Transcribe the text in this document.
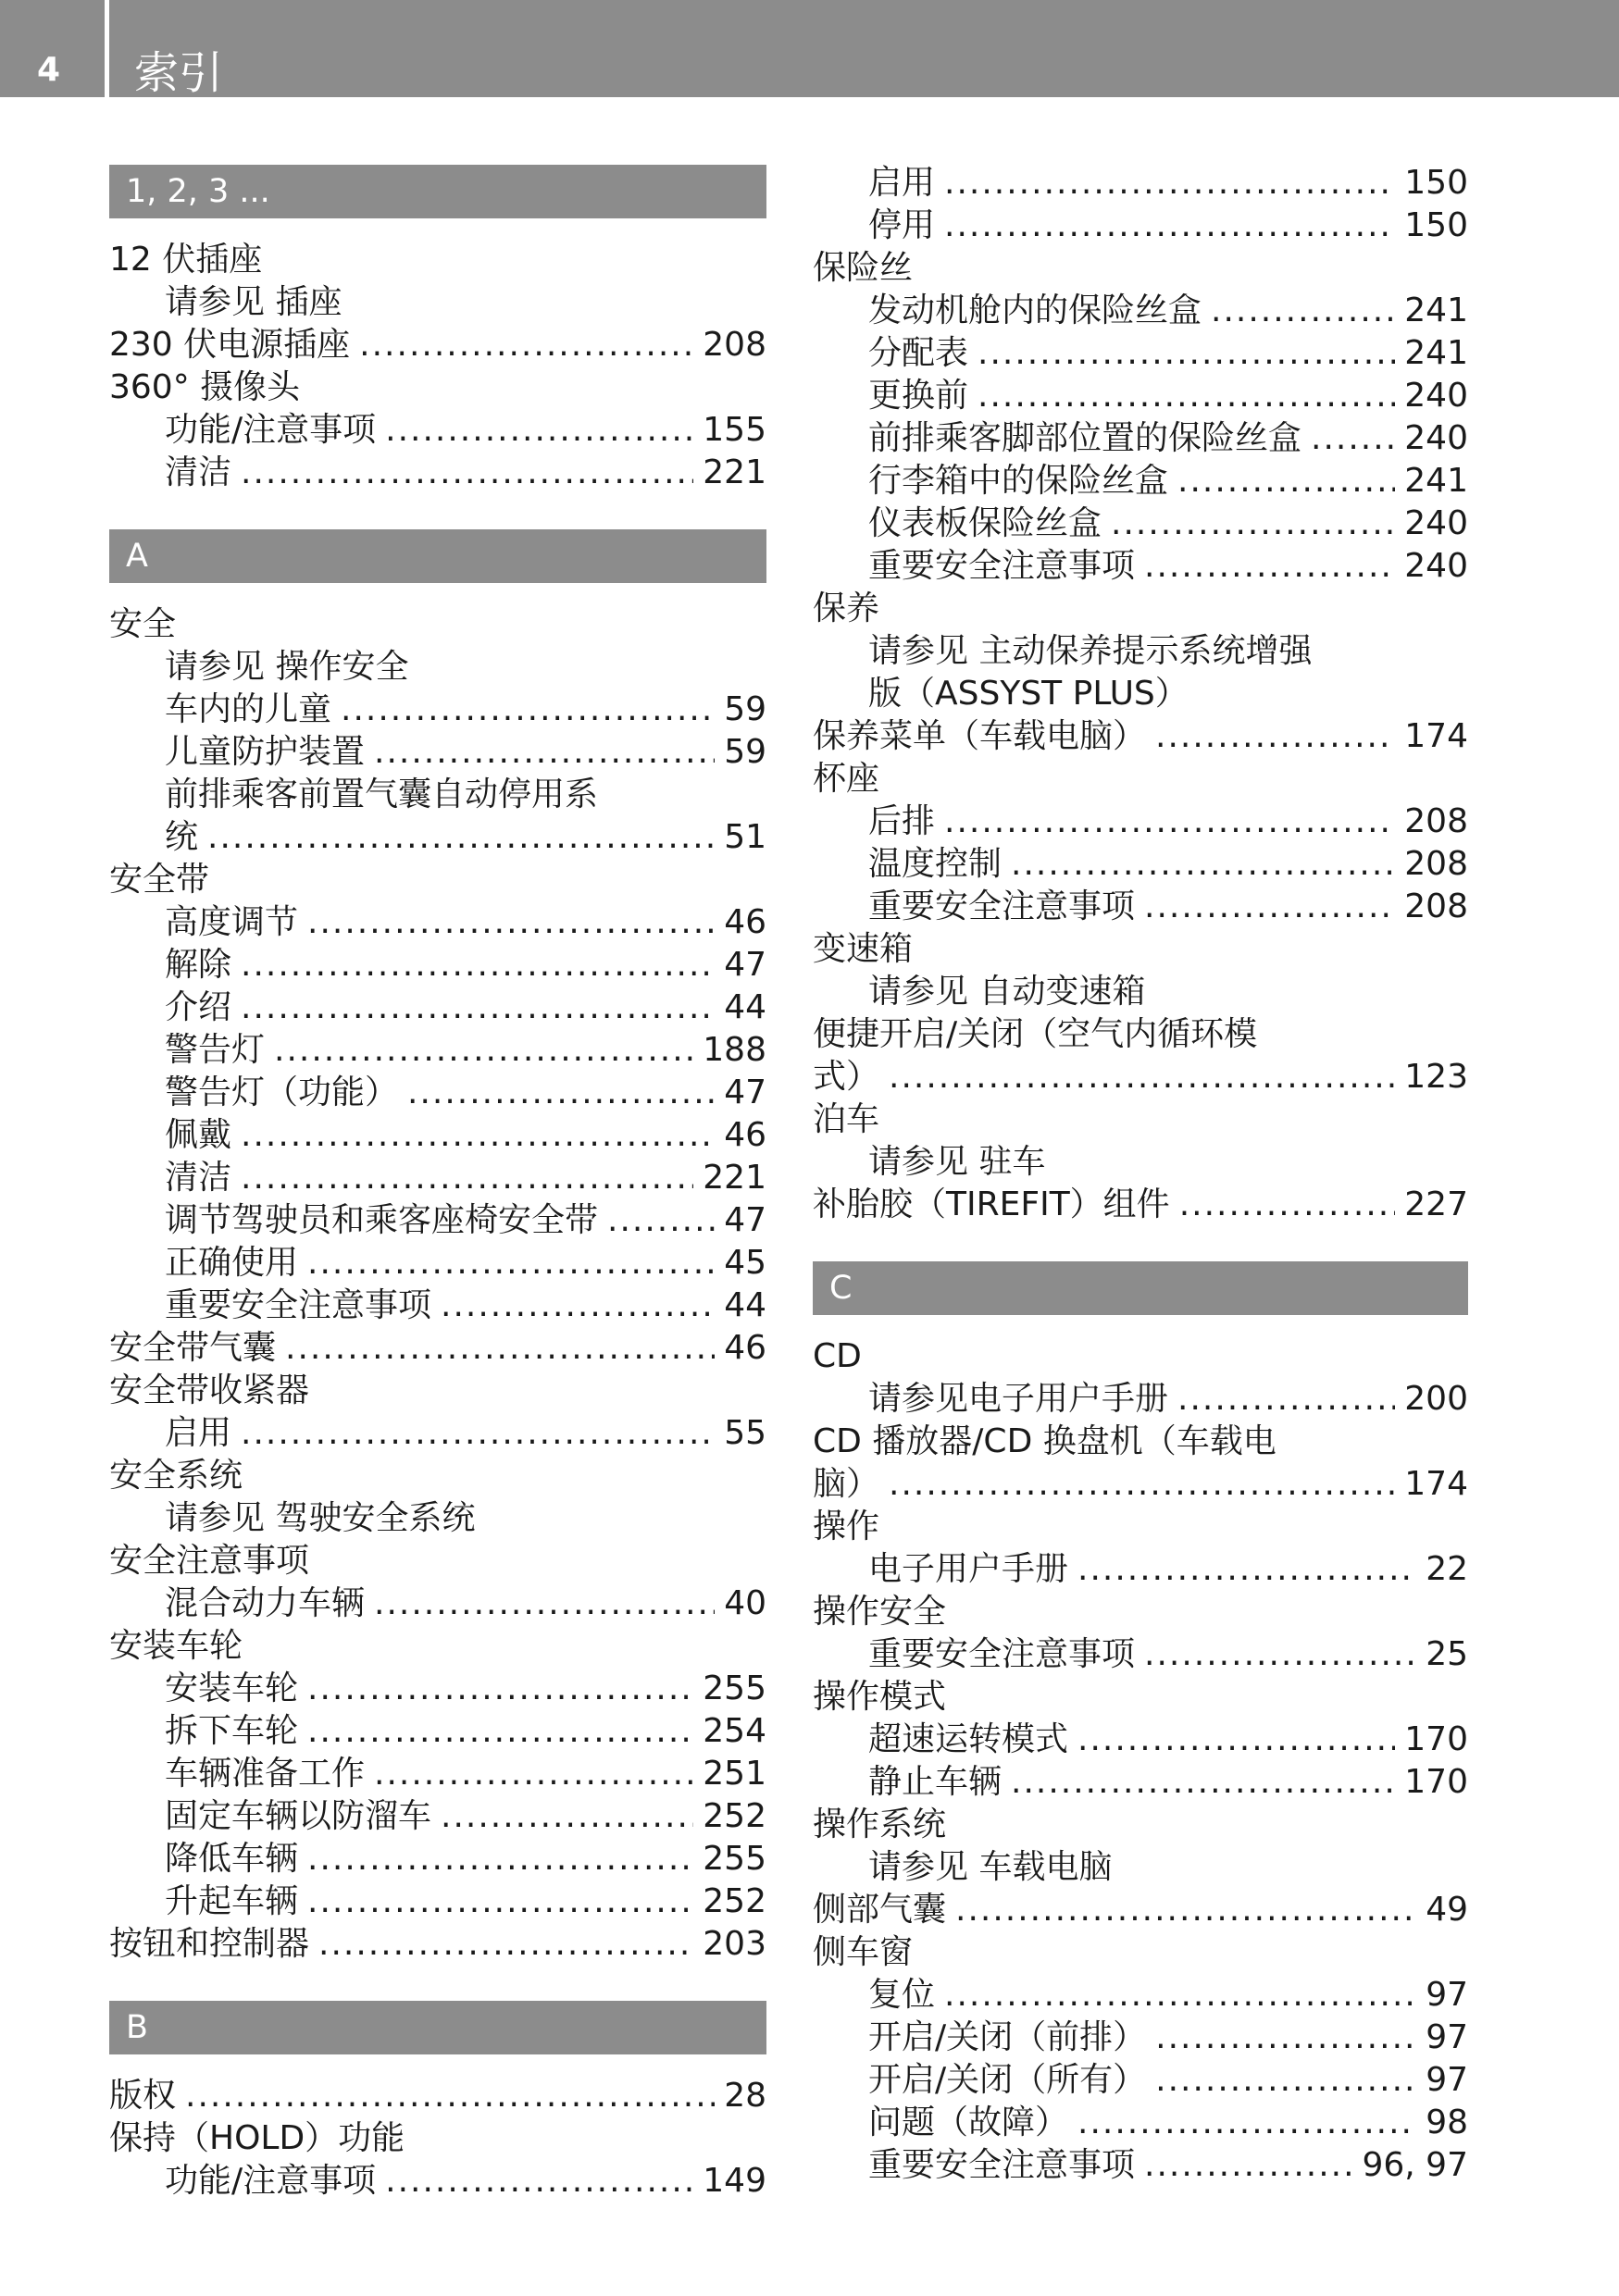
4 索引
1, 2, 3 ...
12 伏插座
请参见 插座
230 伏电源插座 .....	208
360° 摄像头
功能/注意事项 .....	155
清洁 .....	221
A
安全
请参见 操作安全
车内的儿童 .....	59
儿童防护装置 .....	59
前排乘客前置气囊自动停用系
统 .....	51
安全带
高度调节 .....	46
解除 .....	47
介绍 .....	44
警告灯 .....	188
警告灯（功能） .....	47
佩戴 .....	46
清洁 .....	221
调节驾驶员和乘客座椅安全带 .....	47
正确使用 .....	45
重要安全注意事项 .....	44
安全带气囊 .....	46
安全带收紧器
启用 .....	55
安全系统
请参见 驾驶安全系统
安全注意事项
混合动力车辆 .....	40
安装车轮
安装车轮 .....	255
拆下车轮 .....	254
车辆准备工作 .....	251
固定车辆以防溜车 .....	252
降低车辆 .....	255
升起车辆 .....	252
按钮和控制器 .....	203
B
版权 .....	28
保持（HOLD）功能
功能/注意事项 .....	149
启用 .....	150
停用 .....	150
保险丝
发动机舱内的保险丝盒 .....	241
分配表 .....	241
更换前 .....	240
前排乘客脚部位置的保险丝盒 .....	240
行李箱中的保险丝盒 .....	241
仪表板保险丝盒 .....	240
重要安全注意事项 .....	240
保养
请参见 主动保养提示系统增强
版（ASSYST PLUS）
保养菜单（车载电脑） .....	174
杯座
后排 .....	208
温度控制 .....	208
重要安全注意事项 .....	208
变速箱
请参见 自动变速箱
便捷开启/关闭（空气内循环模
式） .....	123
泊车
请参见 驻车
补胎胶（TIREFIT）组件 .....	227
C
CD
请参见电子用户手册 .....	200
CD 播放器/CD 换盘机（车载电
脑） .....	174
操作
电子用户手册 .....	22
操作安全
重要安全注意事项 .....	25
操作模式
超速运转模式 .....	170
静止车辆 .....	170
操作系统
请参见 车载电脑
侧部气囊 .....	49
侧车窗
复位 .....	97
开启/关闭（前排） .....	97
开启/关闭（所有） .....	97
问题（故障） .....	98
重要安全注意事项 .....	96, 97
